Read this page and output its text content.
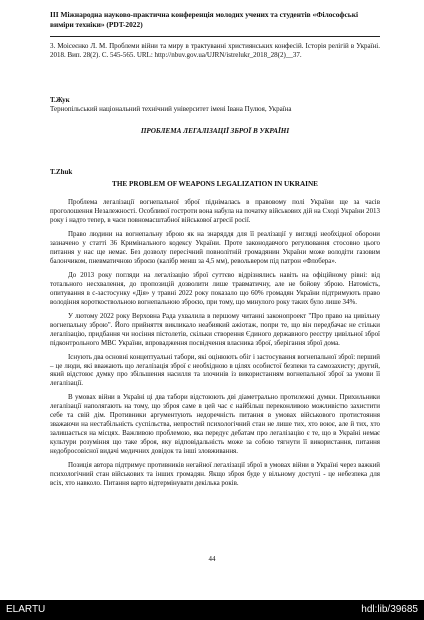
ІІІ Міжнародна науково-практична конференція молодих учених та студентів «Філософські виміри техніки» (PDT-2022)
3. Моісеєнко Л. М. Проблеми війни та миру в трактуванні християнських конфесій. Історія релігій в Україні. 2018. Вип. 28(2). С. 545-565. URL: http://nbuv.gov.ua/UJRN/istrelukr_2018_28(2)__37.
Т.Жук
Тернопільський національний технічний університет імені Івана Пулюя, Україна
ПРОБЛЕМА ЛЕГАЛІЗАЦІЇ ЗБРОЇ В УКРАЇНІ
T.Zhuk
THE PROBLEM OF WEAPONS LEGALIZATION IN UKRAINE

Проблема легалізації вогнепальної зброї піднімалась в правовому полі України ще за часів проголошення Незалежності. Особливої гостроти вона набула на початку військових дій на Сході України 2013 року і надто тепер, в часи повномасштабної військової агресії росії.

Право людини на вогнепальну зброю як на знаряддя для її реалізації у вигляді необхідної оборони зазначено у статті 36 Кримінального кодексу України. Проте законодавчого регулювання стосовно цього питання у нас ще немає. Без дозволу пересічний повнолітній громадянин України може володіти газовим балончиком, пневматичною зброєю (калібр менш за 4,5 мм), револьвером під патрон «Флобера».

До 2013 року погляди на легалізацію зброї суттєво відрізнялись навіть на офіційному рівні: від тотального несхвалення, до пропозицій дозволити лише травматичну, але не бойову зброю. Натомість, опитування в с-застосунку «Дія» у травні 2022 року показало що 60% громадян України підтримують право володіння короткоствольною вогнепальною зброєю, при тому, що минулого року таких було лише 34%.

У лютому 2022 року Верховна Рада ухвалила в першому читанні законопроект "Про право на цивільну вогнепальну зброю". Його прийняття викликало неабиякий ажіотаж, попри те, що він передбачає не стільки легалізацію, придбання чи носіння пістолетів, скільки створення Єдиного державного реєстру цивільної зброї підконтрольного МВС України, впровадження посвідчення власника зброї, зберігання зброї дома.

Існують два основні концептуальні табори, які оцінюють обіг і застосування вогнепальної зброї: перший – це люди, які вважають що легалізація зброї є необхідною в цілях особистої безпеки та самозахисту; другий, який відстоює думку про збільшення насилля та злочинів із використанням вогнепальної зброї за умови її легалізації.

В умовах війни в Україні ці два табори відстоюють дві діаметрально протилежні думки. Прихильники легалізації наполягають на тому, що зброя саме в цей час є найбільш переконливою можливістю захистити себе та свій дім. Противники аргументують недоречність питання в умовах військового протистояння зважаючи на нестабільність суспільства, непростий психологічний стан не лише тих, хто воює, але й тих, хто залишається на місцях. Важливою проблемою, яка передує дебатам про легалізацію є те, що в Україні немає культури розуміння що таке зброя, яку відповідальність може за собою тягнути її використання, питання недобросовісної видачі медичних довідок та інші зловживання.

Позиція автора підтримує противників негайної легалізації зброї в умовах війни в Україні через важкий психологічний стан військових та інших громадян. Якщо зброя буде у вільному доступі - це небезпека для всіх, хто навколо. Питання варто відтермінувати декілька років.

44
ELARTU	hdl:lib/39685
